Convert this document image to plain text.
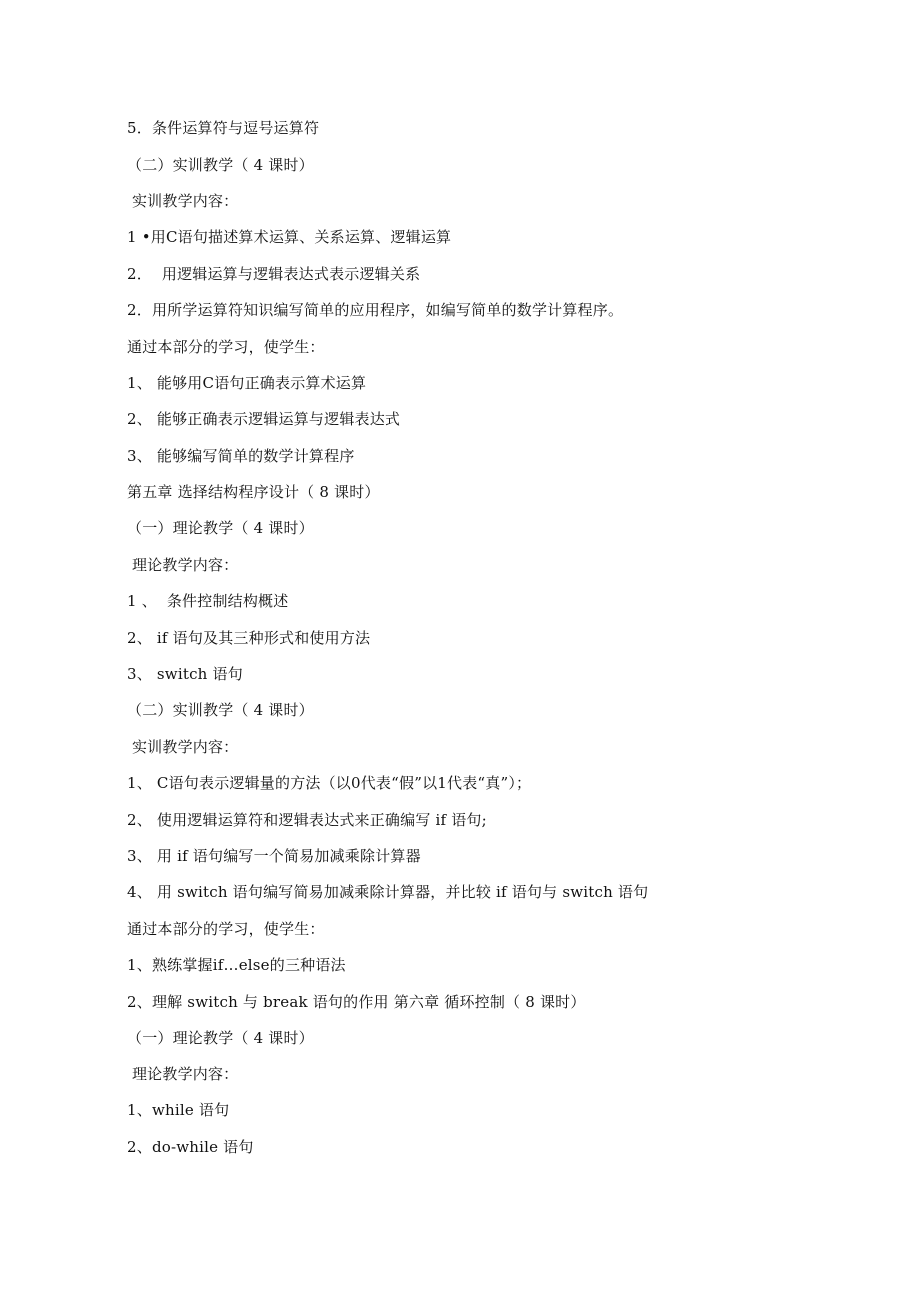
5．条件运算符与逗号运算符
（二）实训教学（ 4 课时）
实训教学内容：
1 •用C语句描述算术运算、关系运算、逻辑运算
2．  用逻辑运算与逻辑表达式表示逻辑关系
2．用所学运算符知识编写简单的应用程序，如编写简单的数学计算程序。
通过本部分的学习，使学生：
1、 能够用C语句正确表示算术运算
2、 能够正确表示逻辑运算与逻辑表达式
3、 能够编写简单的数学计算程序
第五章 选择结构程序设计（ 8 课时）
（一）理论教学（ 4 课时）
理论教学内容：
1 、  条件控制结构概述
2、 if 语句及其三种形式和使用方法
3、 switch 语句
（二）实训教学（ 4 课时）
实训教学内容：
1、 C语句表示逻辑量的方法（以0代表“假”以1代表“真”）；
2、 使用逻辑运算符和逻辑表达式来正确编写 if 语句;
3、 用 if 语句编写一个简易加减乘除计算器
4、 用 switch 语句编写简易加减乘除计算器，并比较 if 语句与 switch 语句
通过本部分的学习，使学生：
1、熟练掌握if…else的三种语法
2、理解 switch 与 break 语句的作用 第六章 循环控制（ 8 课时）
（一）理论教学（ 4 课时）
理论教学内容：
1、while 语句
2、do-while 语句
